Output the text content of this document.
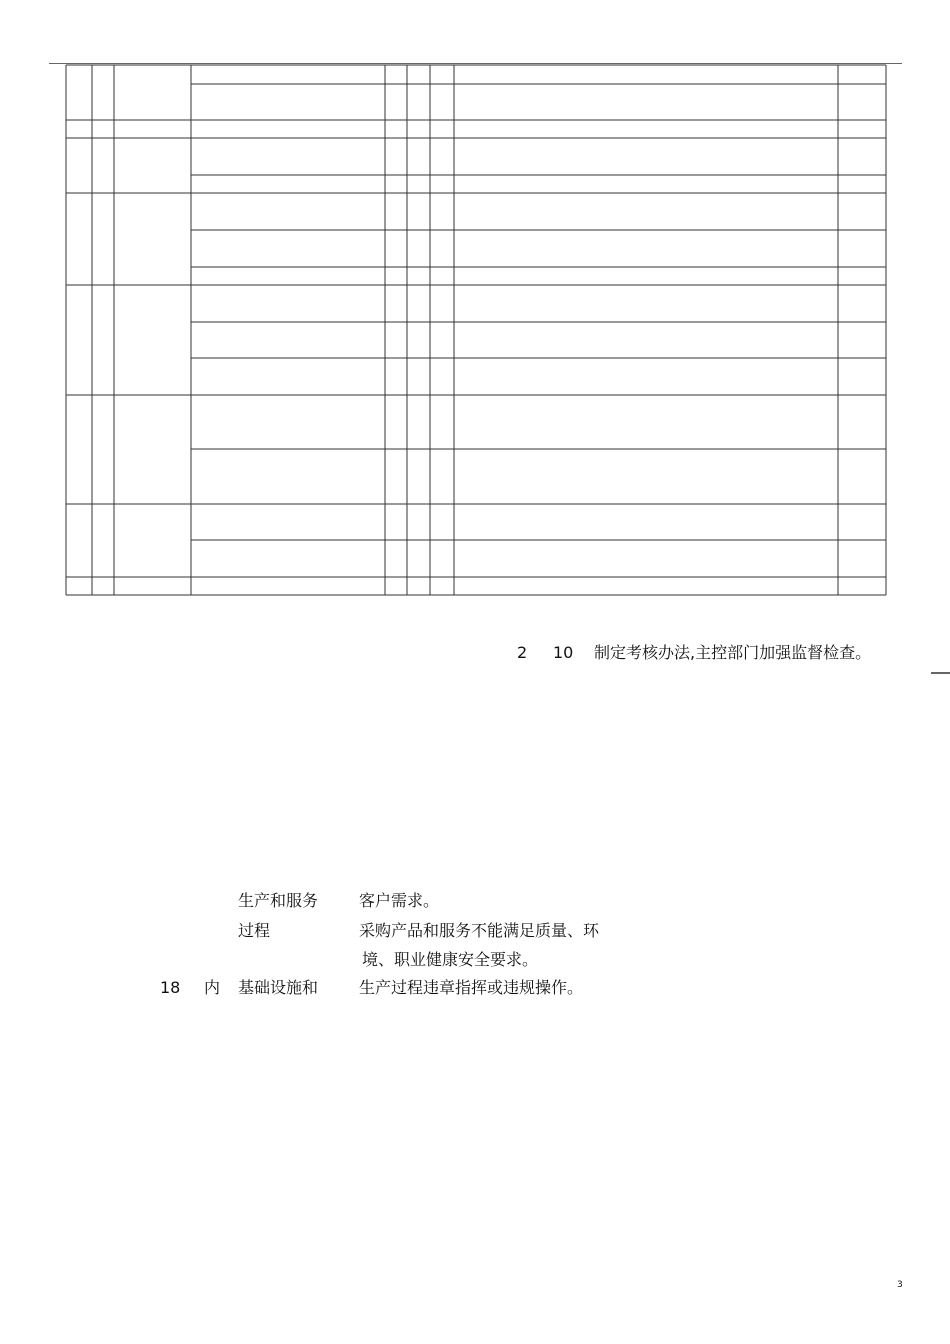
2 10 制定考核办法,主控部门加强监督检查。
生产和服务	客户需求。
过程	采购产品和服务不能满足质量、环
境、职业健康安全要求。
18 内 基础设施和	生产过程违章指挥或违规操作。
3
